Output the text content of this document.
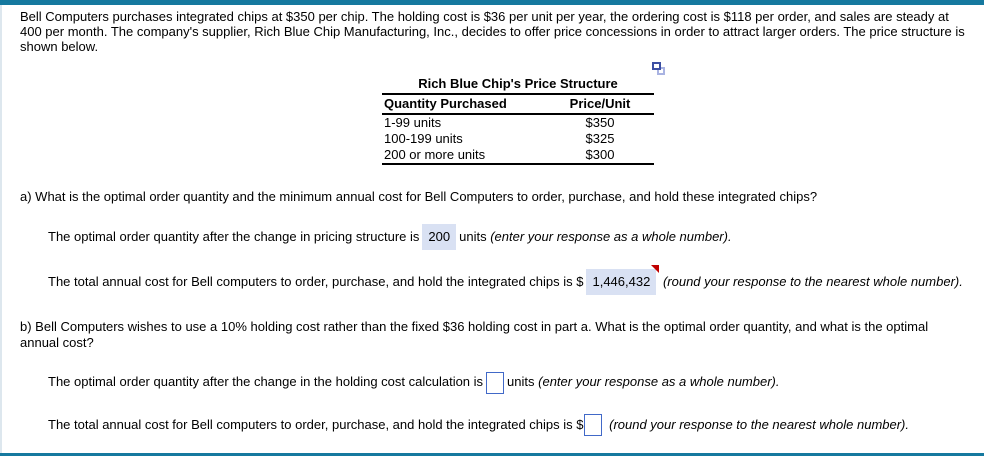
Bell Computers purchases integrated chips at $350 per chip. The holding cost is $36 per unit per year, the ordering cost is $118 per order, and sales are steady at 400 per month. The company's supplier, Rich Blue Chip Manufacturing, Inc., decides to offer price concessions in order to attract larger orders. The price structure is shown below.

Rich Blue Chip's Price Structure
Quantity Purchased	Price/Unit
1-99 units	$350
100-199 units	$325
200 or more units	$300

a) What is the optimal order quantity and the minimum annual cost for Bell Computers to order, purchase, and hold these integrated chips?

The optimal order quantity after the change in pricing structure is 200 units (enter your response as a whole number).

The total annual cost for Bell computers to order, purchase, and hold the integrated chips is $ 1,446,432 (round your response to the nearest whole number).

b) Bell Computers wishes to use a 10% holding cost rather than the fixed $36 holding cost in part a. What is the optimal order quantity, and what is the optimal annual cost?

The optimal order quantity after the change in the holding cost calculation is units (enter your response as a whole number).

The total annual cost for Bell computers to order, purchase, and hold the integrated chips is $ (round your response to the nearest whole number).
